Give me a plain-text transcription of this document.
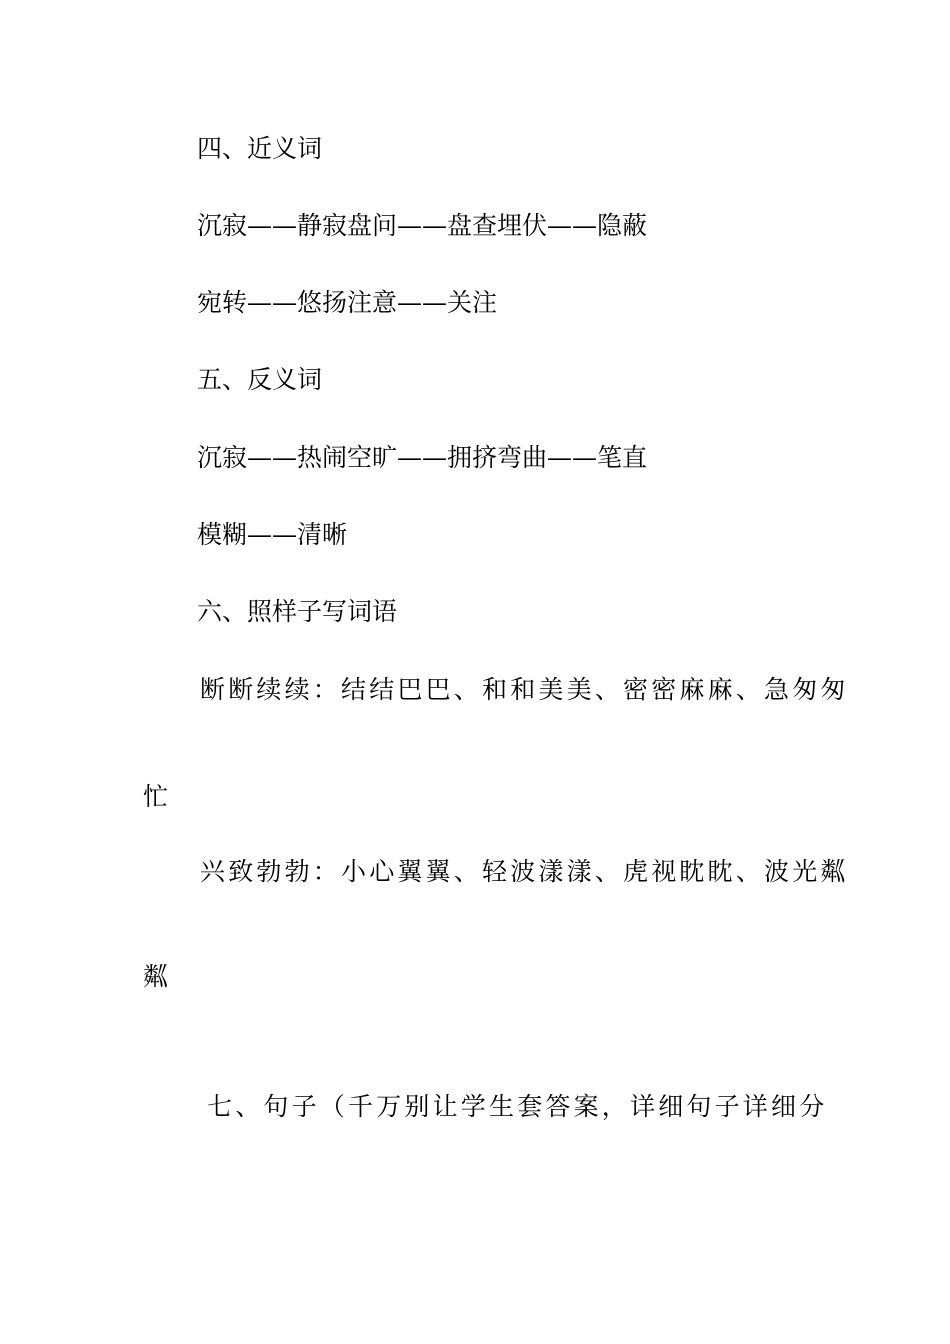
四、近义词
沉寂——静寂盘问——盘查埋伏——隐蔽
宛转——悠扬注意——关注
五、反义词
沉寂——热闹空旷——拥挤弯曲——笔直
模糊——清晰
六、照样子写词语
断断续续：结结巴巴、和和美美、密密麻麻、急匆匆
忙
兴致勃勃：小心翼翼、轻波漾漾、虎视眈眈、波光粼
粼
七、句子（千万别让学生套答案，详细句子详细分
